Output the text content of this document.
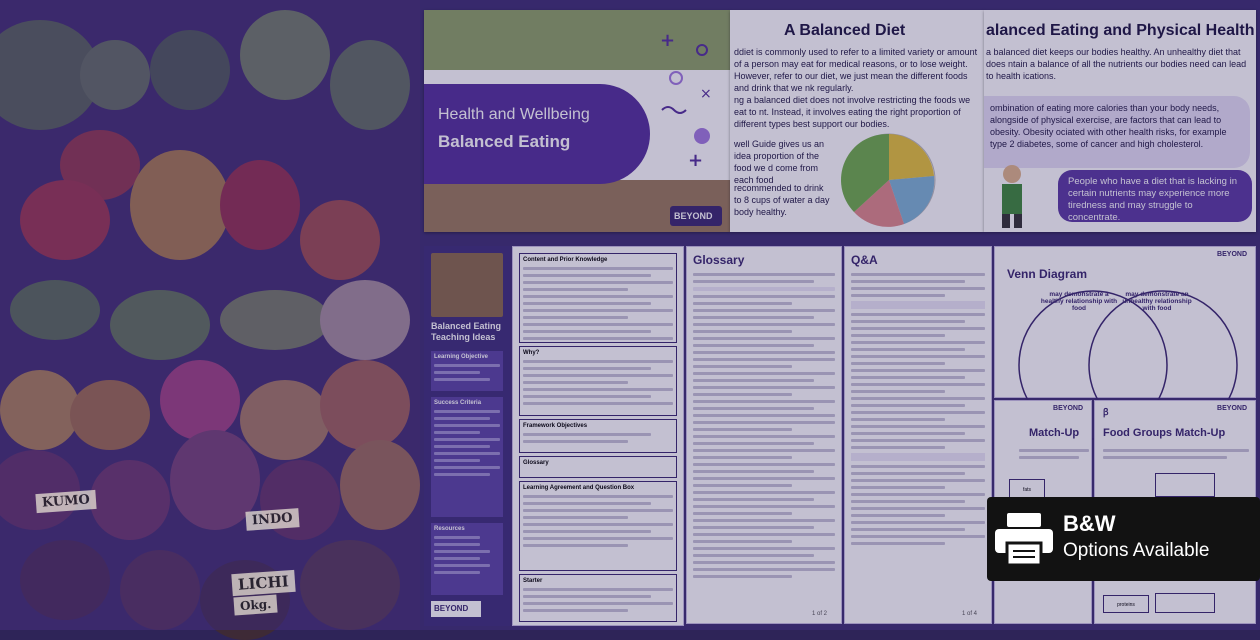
KUMO
INDO
LICHI
Okg.
Health and Wellbeing
Balanced Eating
+
×
+
BEYOND
A Balanced Diet
ddiet is commonly used to refer to a limited variety or amount of a person may eat for medical reasons, or to lose weight. However, refer to our diet, we just mean the different foods and drink that we nk regularly.
ng a balanced diet does not involve restricting the foods we eat to nt. Instead, it involves eating the right proportion of different types best support our bodies.
well Guide gives us an idea proportion of the food we d come from each food
recommended to drink to 8 cups of water a day body healthy.
alanced Eating and Physical Health
a balanced diet keeps our bodies healthy. An unhealthy diet that does ntain a balance of all the nutrients our bodies need can lead to health ications.
ombination of eating more calories than your body needs, alongside of physical exercise, are factors that can lead to obesity. Obesity ociated with other health risks, for example type 2 diabetes, some of cancer and high cholesterol.
People who have a diet that is lacking in certain nutrients may experience more tiredness and may struggle to concentrate.
Balanced Eating Teaching Ideas
Learning Objective
Success Criteria
Resources
BEYOND
Content and Prior Knowledge
Why?
Framework Objectives
Glossary
Learning Agreement and Question Box
Starter
Glossary
1 of 2
Q&A
1 of 4
BEYOND
Venn Diagram
may demonstrate a healthy relationship with food
may demonstrate an unhealthy relationship with food
BEYOND
Match-Up
fats
ꞵ	BEYOND
Food Groups Match-Up
proteins
B&W
Options Available
